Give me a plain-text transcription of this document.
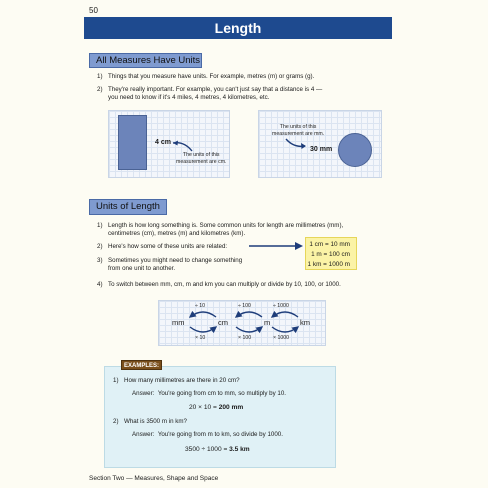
50
Length
All Measures Have Units
1) Things that you measure have units. For example, metres (m) or grams (g).
2) They're really important. For example, you can't just say that a distance is 4 —
you need to know if it's 4 miles, 4 metres, 4 kilometres, etc.
4 cm
The units of this
measurement are cm.
The units of this
measurement are mm.
30 mm
Units of Length
1) Length is how long something is. Some common units for length are millimetres (mm),
centimetres (cm), metres (m) and kilometres (km).
2) Here's how some of these units are related:	1 cm = 10 mm
1 m = 100 cm
1 km = 1000 m
3) Sometimes you might need to change something
from one unit to another.
4) To switch between mm, cm, m and km you can multiply or divide by 10, 100, or 1000.
mm	cm	m	km
÷ 10	÷ 100	÷ 1000
× 10	× 100	× 1000
EXAMPLES:
1) How many millimetres are there in 20 cm?
Answer: You're going from cm to mm, so multiply by 10.
20 × 10 = 200 mm
2) What is 3500 m in km?
Answer: You're going from m to km, so divide by 1000.
3500 ÷ 1000 = 3.5 km
Section Two — Measures, Shape and Space
